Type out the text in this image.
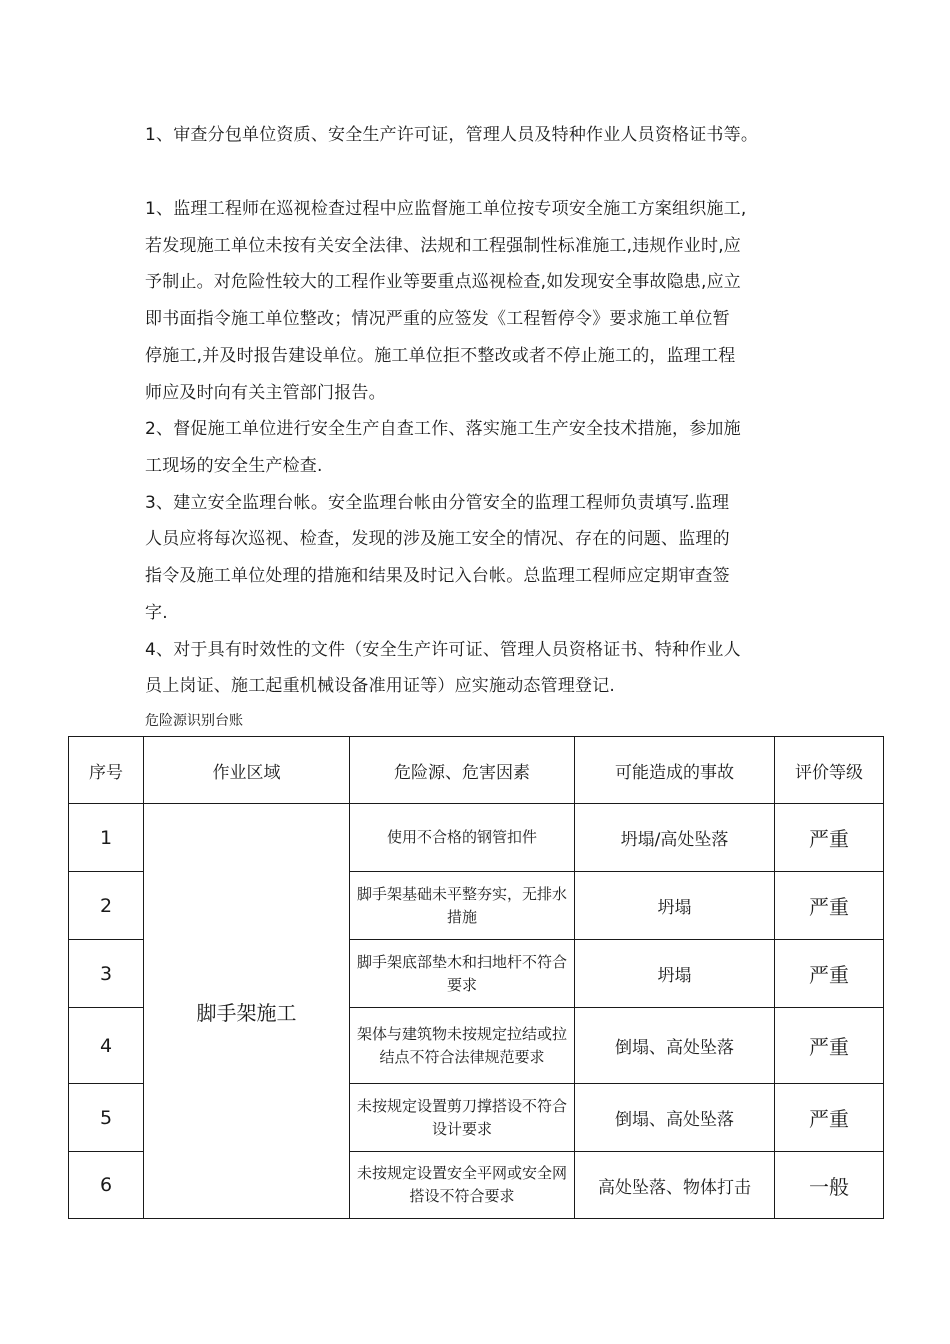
1、审查分包单位资质、安全生产许可证，管理人员及特种作业人员资格证书等。
1、监理工程师在巡视检查过程中应监督施工单位按专项安全施工方案组织施工,
若发现施工单位未按有关安全法律、法规和工程强制性标准施工,违规作业时,应
予制止。对危险性较大的工程作业等要重点巡视检查,如发现安全事故隐患,应立
即书面指令施工单位整改；情况严重的应签发《工程暂停令》要求施工单位暂
停施工,并及时报告建设单位。施工单位拒不整改或者不停止施工的，监理工程
师应及时向有关主管部门报告。
2、督促施工单位进行安全生产自查工作、落实施工生产安全技术措施，参加施
工现场的安全生产检查.
3、建立安全监理台帐。安全监理台帐由分管安全的监理工程师负责填写.监理
人员应将每次巡视、检查，发现的涉及施工安全的情况、存在的问题、监理的
指令及施工单位处理的措施和结果及时记入台帐。总监理工程师应定期审查签
字.
4、对于具有时效性的文件（安全生产许可证、管理人员资格证书、特种作业人
员上岗证、施工起重机械设备准用证等）应实施动态管理登记.
危险源识别台账
序号	作业区域	危险源、危害因素	可能造成的事故	评价等级
1	脚手架施工	使用不合格的钢管扣件	坍塌/高处坠落	严重
2		脚手架基础未平整夯实，无排水措施	坍塌	严重
3		脚手架底部垫木和扫地杆不符合要求	坍塌	严重
4		架体与建筑物未按规定拉结或拉结点不符合法律规范要求	倒塌、高处坠落	严重
5		未按规定设置剪刀撑搭设不符合设计要求	倒塌、高处坠落	严重
6		未按规定设置安全平网或安全网搭设不符合要求	高处坠落、物体打击	一般
